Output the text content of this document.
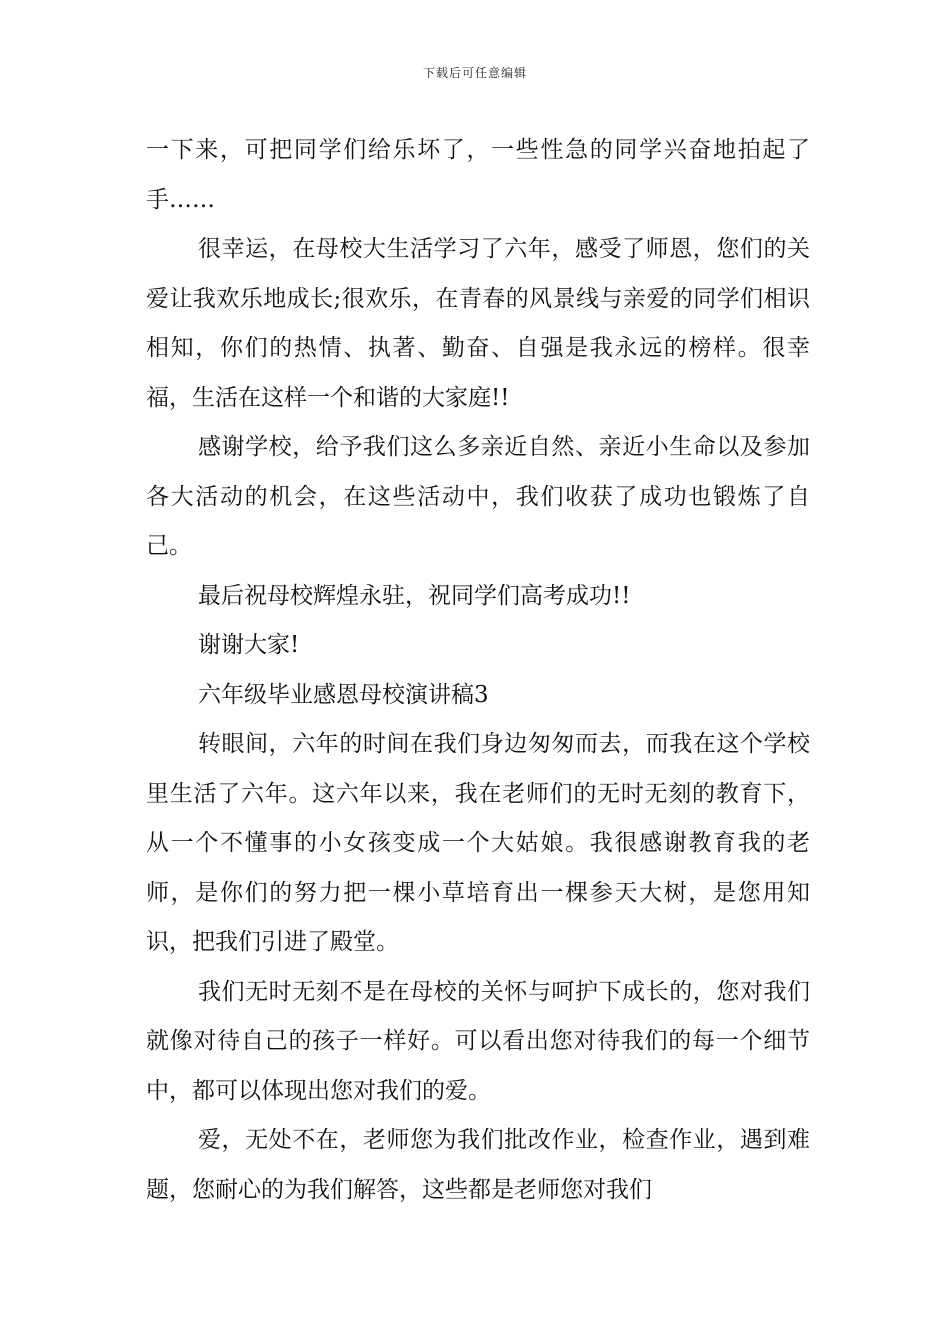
下载后可任意编辑

一下来，可把同学们给乐坏了，一些性急的同学兴奋地拍起了手……

很幸运，在母校大生活学习了六年，感受了师恩，您们的关爱让我欢乐地成长;很欢乐，在青春的风景线与亲爱的同学们相识相知，你们的热情、执著、勤奋、自强是我永远的榜样。很幸福，生活在这样一个和谐的大家庭!!

感谢学校，给予我们这么多亲近自然、亲近小生命以及参加各大活动的机会，在这些活动中，我们收获了成功也锻炼了自己。

最后祝母校辉煌永驻，祝同学们高考成功!!

谢谢大家!

六年级毕业感恩母校演讲稿3

转眼间，六年的时间在我们身边匆匆而去，而我在这个学校里生活了六年。这六年以来，我在老师们的无时无刻的教育下，从一个不懂事的小女孩变成一个大姑娘。我很感谢教育我的老师，是你们的努力把一棵小草培育出一棵参天大树，是您用知识，把我们引进了殿堂。

我们无时无刻不是在母校的关怀与呵护下成长的，您对我们就像对待自己的孩子一样好。可以看出您对待我们的每一个细节中，都可以体现出您对我们的爱。

爱，无处不在，老师您为我们批改作业，检查作业，遇到难题，您耐心的为我们解答，这些都是老师您对我们
